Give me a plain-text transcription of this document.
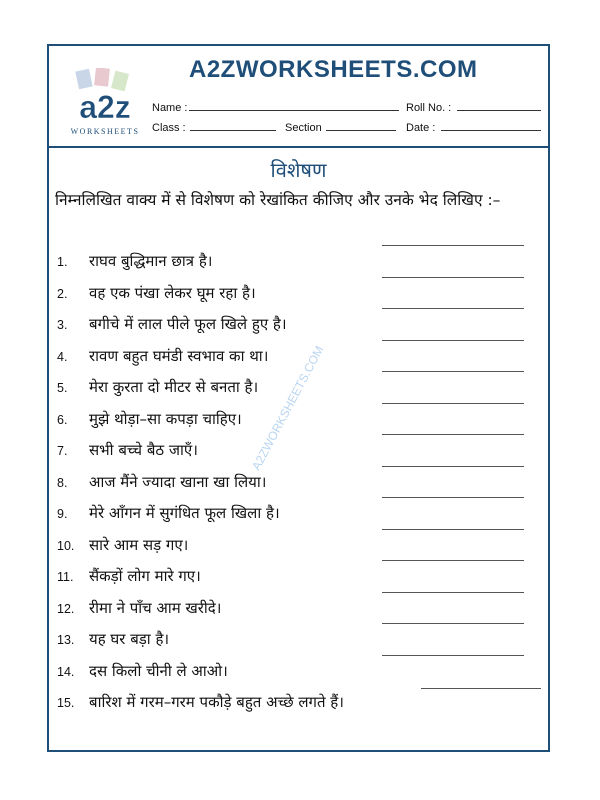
a2z
WORKSHEETS
A2ZWORKSHEETS.COM
Name :	Roll No. :
Class :	Section	Date :
विशेषण
निम्नलिखित वाक्य में से विशेषण को रेखांकित कीजिए और उनके भेद लिखिए :–
A2ZWORKSHEETS.COM
1.	राघव बुद्धिमान छात्र है।
2.	वह एक पंखा लेकर घूम रहा है।
3.	बगीचे में लाल पीले फूल खिले हुए है।
4.	रावण बहुत घमंडी स्वभाव का था।
5.	मेरा कुरता दो मीटर से बनता है।
6.	मुझे थोड़ा–सा कपड़ा चाहिए।
7.	सभी बच्चे बैठ जाएँ।
8.	आज मैंने ज्यादा खाना खा लिया।
9.	मेरे आँगन में सुगंधित फूल खिला है।
10. सारे आम सड़ गए।
11.	सैंकड़ों लोग मारे गए।
12. रीमा ने पाँच आम खरीदे।
13. यह घर बड़ा है।
14. दस किलो चीनी ले आओ।
15. बारिश में गरम–गरम पकौड़े बहुत अच्छे लगते हैं।
